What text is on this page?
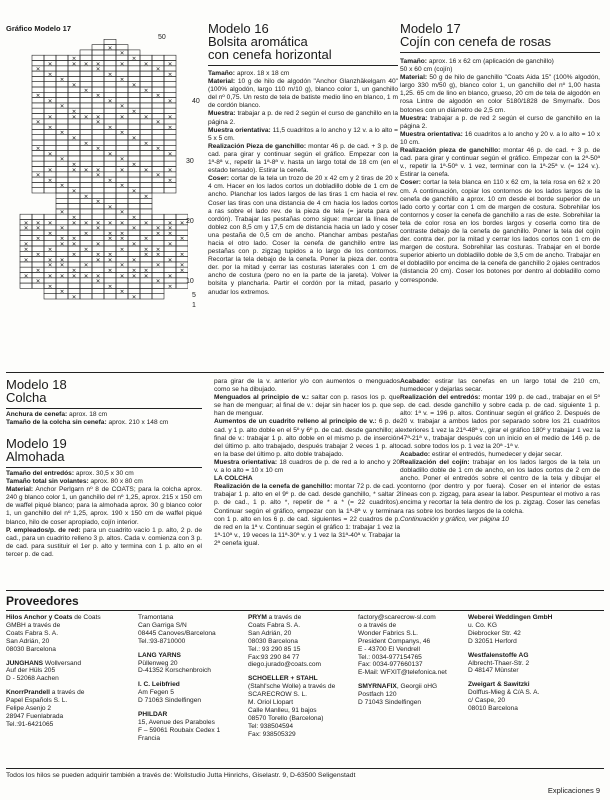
Gráfico Modelo 17
×
×
×	×
×	× × ×	×	×	×
×	×	×
×	×	×
×	×
×	×
×	×
×	×	×
×	×	×
×	×
×	×
×	× × ×	×	×	×
×	×	×
×	×	×
×	×
×	×
×	×
×	×	×
×	×	×
×	×
×	×
×	× × ×	×	×	×
×	×	×
×	×	×
×	×
×	×
×	×
×
×
×	×
×	×
× × ×	× × × × ×	×	× ×
× ×	×	×	×	× ×
×	×	× ×	× ×
×	× ×	× ×	×	×
×	× ×	×	×	×
×	×	×	×	× ×
×	×	× ×	× ×	×
×	× ×	× ×	×	×
× ×	×	×	×	×
×	×	×	× ×	×
×	× × × × ×	× × ×	×
×	×	×
×	×	×
×	×
×	×
50
40
30
20
10
5
1
Modelo 16
Bolsita aromática
con cenefa horizontal

Tamaño: aprox. 18 x 18 cm

Material: 10 g de hilo de algodón "Anchor Glanzhäkelgarn 40" (100% algodón, largo 110 m/10 g), blanco color 1, un ganchillo del nº 0,75. Un resto de tela de batiste medio lino en blanco, 1 m de cordón blanco.

Muestra: trabajar a p. de red 2 según el curso de ganchillo en la página 2.

Muestra orientativa: 11,5 cuadritos a lo ancho y 12 v. a lo alto = 5 x 5 cm.

Realización Pieza de ganchillo: montar 46 p. de cad. + 3 p. de cad. para girar y continuar según el gráfico. Empezar con la 1ª-8ª v., repetir la 1ª-8ª v. hasta un largo total de 18 cm (en el estado tensado). Estirar la cenefa.

Coser: cortar de la tela un trozo de 20 x 42 cm y 2 tiras de 20 x 4 cm. Hacer en los lados cortos un dobladillo doble de 1 cm de ancho. Planchar los lados largos de las tiras 1 cm hacia el rev. Coser las tiras con una distancia de 4 cm hacia los lados cortos a ras sobre el lado rev. de la pieza de tela (= jareta para el cordón). Trabajar las pestañas como sigue: marcar la línea de doblez con 8,5 cm y 17,5 cm de distancia hacia un lado y coser una pestaña de 0,5 cm de ancho. Planchar ambas pestañas hacia el otro lado. Coser la cenefa de ganchillo entre las pestañas con p. zigzag tupidos a lo largo de los contornos. Recortar la tela debajo de la cenefa. Poner la pieza der. contra der. por la mitad y cerrar las costuras laterales con 1 cm de ancho de costura (pero no en la parte de la jareta). Volver la bolsita y plancharla. Partir el cordón por la mitad, pasarlo y anudar los extremos.

Modelo 17
Cojín con cenefa de rosas

Tamaño: aprox. 16 x 62 cm (aplicación de ganchillo)
50 x 60 cm (cojín)

Material: 50 g de hilo de ganchillo "Coats Aida 15" (100% algodón, largo 330 m/50 g), blanco color 1, un ganchillo del nº 1,00 hasta 1,25. 65 cm de lino en blanco, grueso, 20 cm de tela de algodón en rosa Lintre de algodón en color 5180/1828 de Smyrnafix. Dos botones con un diámetro de 2,5 cm.

Muestra: trabajar a p. de red 2 según el curso de ganchillo en la página 2.

Muestra orientativa: 16 cuadritos a lo ancho y 20 v. a lo alto = 10 x 10 cm.

Realización pieza de ganchillo: montar 46 p. de cad. + 3 p. de cad. para girar y continuar según el gráfico. Empezar con la 2ª-50ª v., repetir la 1ª-50ª v. 1 vez, terminar con la 1ª-25ª v. (= 124 v.). Estirar la cenefa.

Coser: cortar la tela blanca en 110 x 62 cm, la tela rosa en 62 x 20 cm. A continuación, copiar los contornos de los lados largos de la cenefa de ganchillo a aprox. 10 cm desde el borde superior de un lado corto y cortar con 1 cm de margen de costura. Sobrehilar los contornos y coser la cenefa de ganchillo a ras de este. Sobrehilar la tela de color rosa en los bordes largos y coserla como tira de contraste debajo de la cenefa de ganchillo. Poner la tela del cojín der. contra der. por la mitad y cerrar los lados cortos con 1 cm de margen de costura. Sobrehilar las costuras. Trabajar en el borde superior abierto un dobladillo doble de 3,5 cm de ancho. Trabajar en el dobladillo por encima de la cenefa de ganchillo 2 ojales centrados (distancia 20 cm). Coser los botones por dentro al dobladillo como corresponde.

Modelo 18
Colcha

Anchura de cenefa: aprox. 18 cm

Tamaño de la colcha sin cenefa: aprox. 210 x 148 cm

Modelo 19
Almohada

Tamaño del entredós: aprox. 30,5 x 30 cm

Tamaño total sin volantes: aprox. 80 x 80 cm

Material: Anchor Perlgarn nº 8 de COATS; para la colcha aprox. 240 g blanco color 1, un ganchillo del nº 1,25, aprox. 215 x 150 cm de waffel piqué blanco; para la almohada aprox. 30 g blanco color 1, un ganchillo del nº 1,25, aprox. 190 x 150 cm de waffel piqué blanco, hilo de coser apropiado, cojín interior.

P. empleados/p. de red: para un cuadrito vacío 1 p. alto, 2 p. de cad., para un cuadrito relleno 3 p. altos. Cada v. comienza con 3 p. de cad. para sustituir el 1er p. alto y termina con 1 p. alto en el tercer p. de cad.

para girar de la v. anterior y/o con aumentos o menguados como se ha dibujado.

Menguados al principio de v.: saltar con p. rasos los p. que se han de menguar; al final de v.: dejar sin hacer los p. que se han de menguar.

Aumentos de un cuadrito relleno al principio de v.: 6 p. de cad. y 1 p. alto doble en el 5º y 6º p. de cad. desde ganchillo; al final de v.: trabajar 1 p. alto doble en el mismo p. de inserción del último p. alto trabajado, después trabajar 2 veces 1 p. alto en la base del último p. alto doble trabajado.

Muestra orientativa: 18 cuadros de p. de red a lo ancho y 20 v. a lo alto = 10 x 10 cm

LA COLCHA

Realización de la cenefa de ganchillo: montar 72 p. de cad. y trabajar 1 p. alto en el 9º p. de cad. desde ganchillo, * saltar 2 p. de cad., 1 p. alto *, repetir de * a * (= 22 cuadritos). Continuar según el gráfico, empezar con la 1ª-8ª v. y terminar con 1 p. alto en los 6 p. de cad. siguientes = 22 cuadros de p. de red en la 1ª v. Continuar según el gráfico 1: trabajar 1 vez la 1ª-10ª v., 19 veces la 11ª-30ª v. y 1 vez la 31ª-40ª v. Trabajar la 2ª cenefa igual.

Acabado: estirar las cenefas en un largo total de 210 cm, humedecer y dejarlas secar.

Realización del entredós: montar 199 p. de cad., trabajar en el 5º p. de cad. desde ganchillo y sobre cada p. de cad. siguiente 1 p. alto: 1ª v. = 196 p. altos. Continuar según el gráfico 2. Después de 20 v. trabajar a ambos lados por separado sobre los 21 cuadritos exteriores 1 vez la 21ª-48ª v., girar el gráfico 180º y trabajar 1 vez la 47ª-21ª v., trabajar después con un inicio en el medio de 146 p. de cad. sobre todos los p. 1 vez la 20ª -1ª v.

Acabado: estirar el entredós, humedecer y dejar secar.

Realización del cojín: trabajar en los lados largos de la tela un dobladillo doble de 1 cm de ancho, en los lados cortos de 2 cm de ancho. Poner el entredós sobre el centro de la tela y dibujar el contorno (por dentro y por fuera). Coser en el interior de estas líneas con p. zigzag, para asear la labor. Pespuntear el motivo a ras encima y recortar la tela dentro de los p. zigzag. Coser las cenefas a ras sobre los bordes largos de la colcha.

Continuación y gráfico, ver página 10

Proveedores
Hilos Anchor y Coats de Coats GMBH a través de
Coats Fabra S. A.
San Adrián, 20
08030 Barcelona
JUNGHANS Wollversand
Auf der Hüls 205
D - 52068 Aachen
KnorrPrandell a través de
Papel Españols S. L.
Felipe Asenjo 2
28947 Fuenlabrada
Tel.:91-6421065
Tramontana
Can Garriga S/N
08445 Canoves/Barcelona
Tel.:93-8710000
LANG YARNS
Püllenweg 20
D-41352 Korschenbroich
I. C. Leibfried
Am Fegen 5
D 71063 Sindelfingen
PHILDAR
15, Avenue des Paraboles
F – 59061 Roubaix Cedex 1
Francia
PRYM a través de
Coats Fabra S. A.
San Adrián, 20
08030 Barcelona
Tel.: 93 290 85 15
Fax:93 290 84 77
diego.jurado@coats.com
SCHOELLER + STAHL
(Stahl'sche Wolle) a través de
SCARECROW S. L.
M. Oriol Llopart
Calle Manlleu, 91 bajos
08570 Torello (Barcelona)
Tel: 938504594
Fax: 938505329
factory@scarecrow-sl.com
o a través de
Wonder Fabrics S.L.
President Companys, 46
E - 43700 El Vendrell
Tel.: 0034-977154765
Fax: 0034-977660137
E-Mail: WFXIT@telefonica.net
SMYRNAFIX, Georgii oHG
Postfach 120
D 71043 Sindelfingen
Weberei Weddingen GmbH
u. Co. KG
Diebrocker Str. 42
D 32051 Herford
Westfalenstoffe AG
Albrecht-Thaer-Str. 2
D 48147 Münster
Zweigart & Sawitzki
Dolffus-Mieg & C/A S. A.
c/ Caspe, 20
08010 Barcelona
Todos los hilos se pueden adquirir también a través de: Wollstudio Jutta Hinrichs, Giselastr. 9, D-63500 Seligenstadt
Explicaciones 9
